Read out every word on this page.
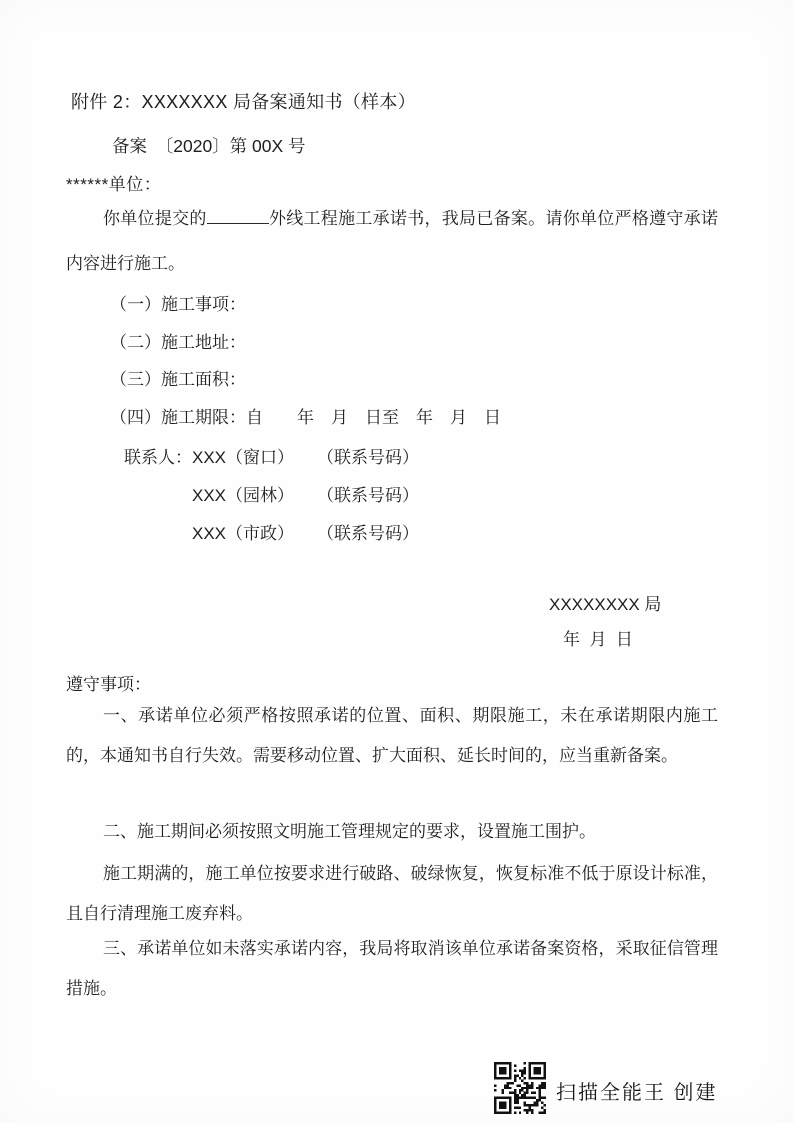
附件 2：XXXXXXX 局备案通知书（样本）
备案　〔2020〕第 00X 号
******单位：

你单位提交的	外线工程施工承诺书，我局已备案。请你单位严格遵守承诺内容进行施工。

（一）施工事项：
（二）施工地址：
（三）施工面积：
（四）施工期限：自　　年　月　日至　年　月　日
联系人： XXX（窗口） （联系号码）
XXX（园林） （联系号码）
XXX（市政） （联系号码）
XXXXXXXX 局
年  月  日
遵守事项：

一、承诺单位必须严格按照承诺的位置、面积、期限施工，未在承诺期限内施工的，本通知书自行失效。需要移动位置、扩大面积、延长时间的，应当重新备案。

二、施工期间必须按照文明施工管理规定的要求，设置施工围护。

施工期满的，施工单位按要求进行破路、破绿恢复，恢复标准不低于原设计标准，且自行清理施工废弃料。

三、承诺单位如未落实承诺内容，我局将取消该单位承诺备案资格，采取征信管理措施。

扫描全能王 创建
